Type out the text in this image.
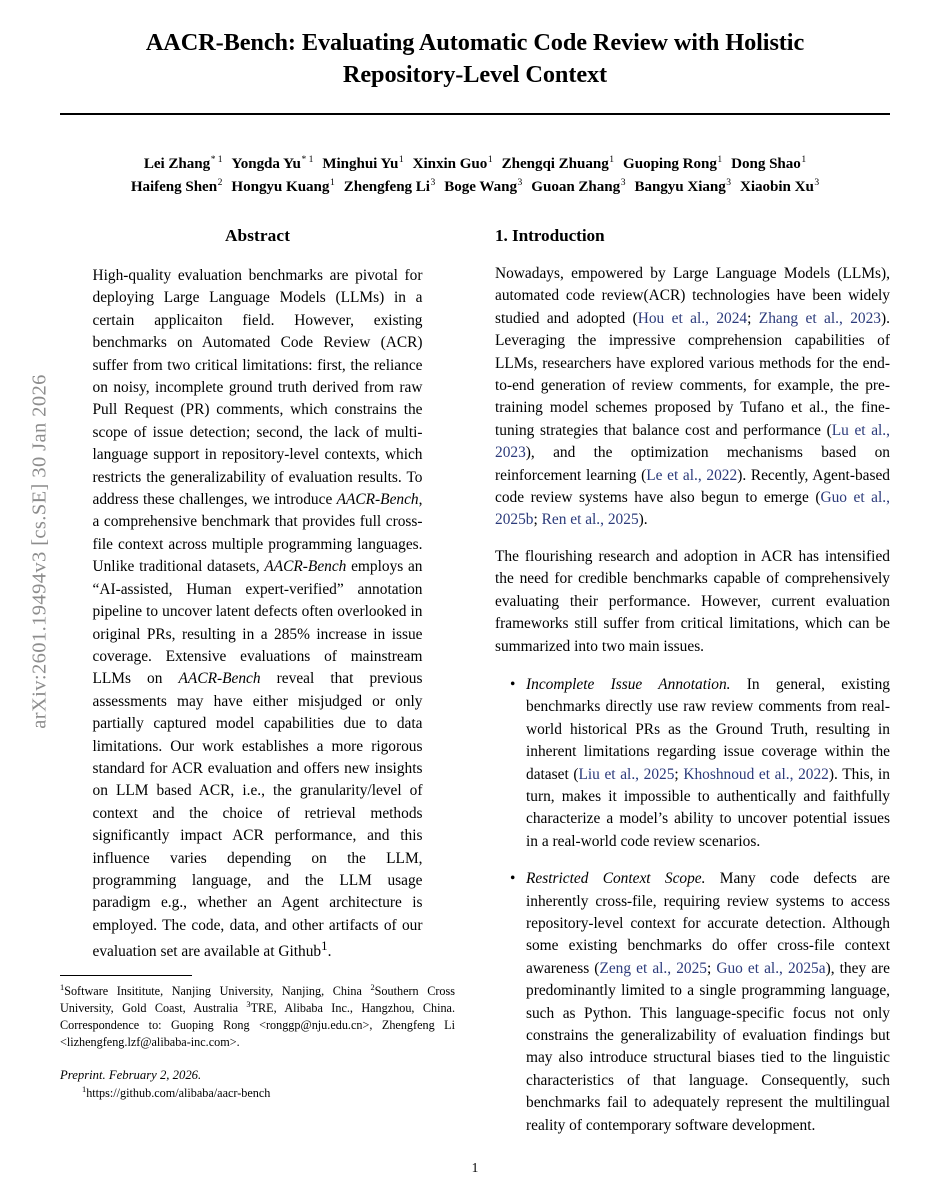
arXiv:2601.19494v3 [cs.SE] 30 Jan 2026
AACR-Bench: Evaluating Automatic Code Review with Holistic Repository-Level Context
Lei Zhang$^{* 1}$ Yongda Yu$^{* 1}$ Minghui Yu$^1$ Xinxin Guo$^1$ Zhengqi Zhuang$^1$ Guoping Rong$^1$ Dong Shao$^1$
Haifeng Shen$^2$ Hongyu Kuang$^1$ Zhengfeng Li$^3$ Boge Wang$^3$ Guoan Zhang$^3$ Bangyu Xiang$^3$ Xiaobin Xu$^3$
Abstract

High-quality evaluation benchmarks are pivotal for deploying Large Language Models (LLMs) in a certain applicaiton field. However, existing benchmarks on Automated Code Review (ACR) suffer from two critical limitations: first, the reliance on noisy, incomplete ground truth derived from raw Pull Request (PR) comments, which constrains the scope of issue detection; second, the lack of multi-language support in repository-level contexts, which restricts the generalizability of evaluation results. To address these challenges, we introduce AACR-Bench, a comprehensive benchmark that provides full cross-file context across multiple programming languages. Unlike traditional datasets, AACR-Bench employs an “AI-assisted, Human expert-verified” annotation pipeline to uncover latent defects often overlooked in original PRs, resulting in a 285% increase in issue coverage. Extensive evaluations of mainstream LLMs on AACR-Bench reveal that previous assessments may have either misjudged or only partially captured model capabilities due to data limitations. Our work establishes a more rigorous standard for ACR evaluation and offers new insights on LLM based ACR, i.e., the granularity/level of context and the choice of retrieval methods significantly impact ACR performance, and this influence varies depending on the LLM, programming language, and the LLM usage paradigm e.g., whether an Agent architecture is employed. The code, data, and other artifacts of our evaluation set are available at Github$^1$.

1. Introduction

Nowadays, empowered by Large Language Models (LLMs), automated code review(ACR) technologies have been widely studied and adopted (Hou et al., 2024; Zhang et al., 2023). Leveraging the impressive comprehension capabilities of LLMs, researchers have explored various methods for the end-to-end generation of review comments, for example, the pre-training model schemes proposed by Tufano et al., the fine-tuning strategies that balance cost and performance (Lu et al., 2023), and the optimization mechanisms based on reinforcement learning (Le et al., 2022). Recently, Agent-based code review systems have also begun to emerge (Guo et al., 2025b; Ren et al., 2025).

The flourishing research and adoption in ACR has intensified the need for credible benchmarks capable of comprehensively evaluating their performance. However, current evaluation frameworks still suffer from critical limitations, which can be summarized into two main issues.

• Incomplete Issue Annotation. In general, existing benchmarks directly use raw review comments from real-world historical PRs as the Ground Truth, resulting in inherent limitations regarding issue coverage within the dataset (Liu et al., 2025; Khoshnoud et al., 2022). This, in turn, makes it impossible to authentically and faithfully characterize a model’s ability to uncover potential issues in a real-world code review scenarios.
• Restricted Context Scope. Many code defects are inherently cross-file, requiring review systems to access repository-level context for accurate detection. Although some existing benchmarks do offer cross-file context awareness (Zeng et al., 2025; Guo et al., 2025a), they are predominantly limited to a single programming language, such as Python. This language-specific focus not only constrains the generalizability of evaluation findings but may also introduce structural biases tied to the linguistic characteristics of that language. Consequently, such benchmarks fail to adequately represent the multilingual reality of contemporary software development.

$^1$Software Insititute, Nanjing University, Nanjing, China $^2$Southern Cross University, Gold Coast, Australia $^3$TRE, Alibaba Inc., Hangzhou, China. Correspondence to: Guoping Rong <ronggp@nju.edu.cn>, Zhengfeng Li <lizhengfeng.lzf@alibaba-inc.com>.

Preprint. February 2, 2026.
$^1$https://github.com/alibaba/aacr-bench
1
